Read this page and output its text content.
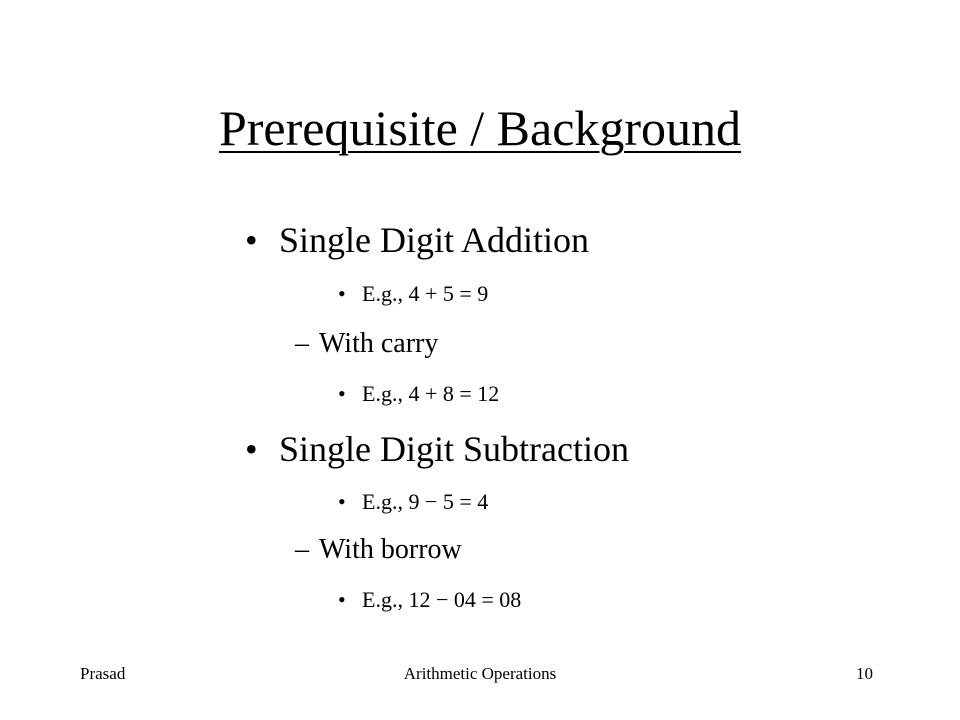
Prerequisite / Background
• Single Digit Addition
• E.g., 4 + 5 = 9
– With carry
• E.g., 4 + 8 = 12
• Single Digit Subtraction
• E.g., 9 − 5 = 4
– With borrow
• E.g., 12 − 04 = 08
Prasad	Arithmetic Operations	10
